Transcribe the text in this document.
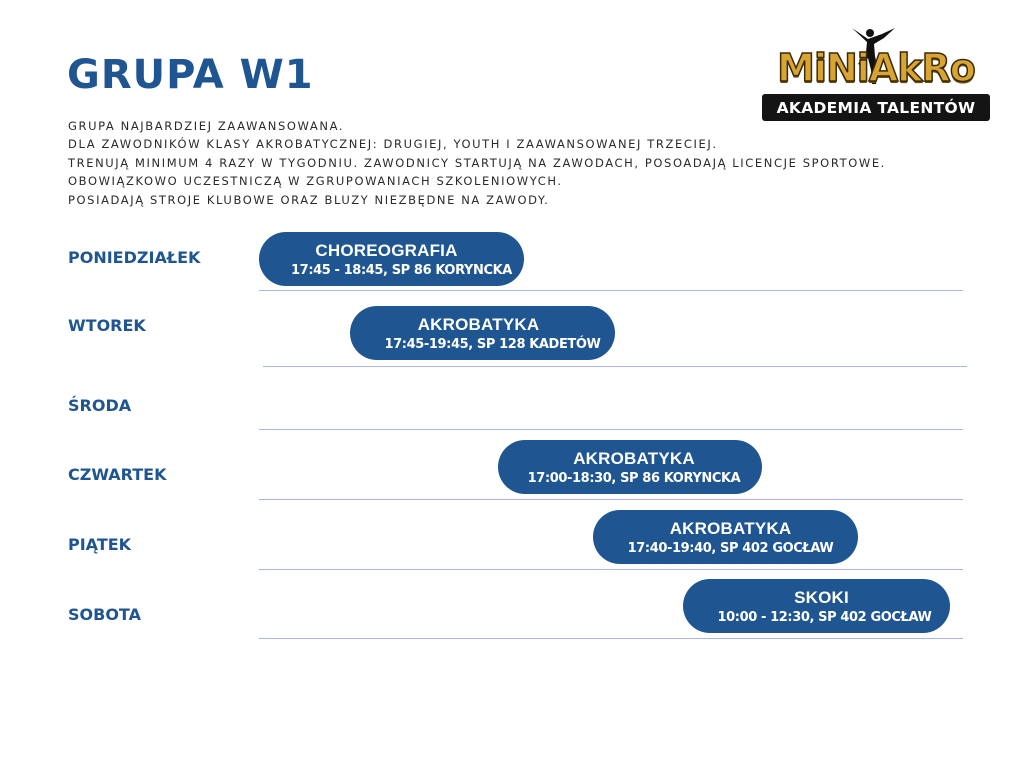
GRUPA W1
GRUPA NAJBARDZIEJ ZAAWANSOWANA.
DLA ZAWODNIKÓW KLASY AKROBATYCZNEJ: DRUGIEJ, YOUTH I ZAAWANSOWANEJ TRZECIEJ.
TRENUJĄ MINIMUM 4 RAZY W TYGODNIU. ZAWODNICY STARTUJĄ NA ZAWODACH, POSOADAJĄ LICENCJE SPORTOWE.
OBOWIĄZKOWO UCZESTNICZĄ W ZGRUPOWANIACH SZKOLENIOWYCH.
POSIADAJĄ STROJE KLUBOWE ORAZ BLUZY NIEZBĘDNE NA ZAWODY.
MiNiAkRo
AKADEMIA TALENTÓW
PONIEDZIAŁEK
WTOREK
ŚRODA
CZWARTEK
PIĄTEK
SOBOTA
CHOREOGRAFIA
17:45 - 18:45, SP 86 KORYNCKA
AKROBATYKA
17:45-19:45, SP 128 KADETÓW
AKROBATYKA
17:00-18:30, SP 86 KORYNCKA
AKROBATYKA
17:40-19:40, SP 402 GOCŁAW
SKOKI
10:00 - 12:30, SP 402 GOCŁAW
